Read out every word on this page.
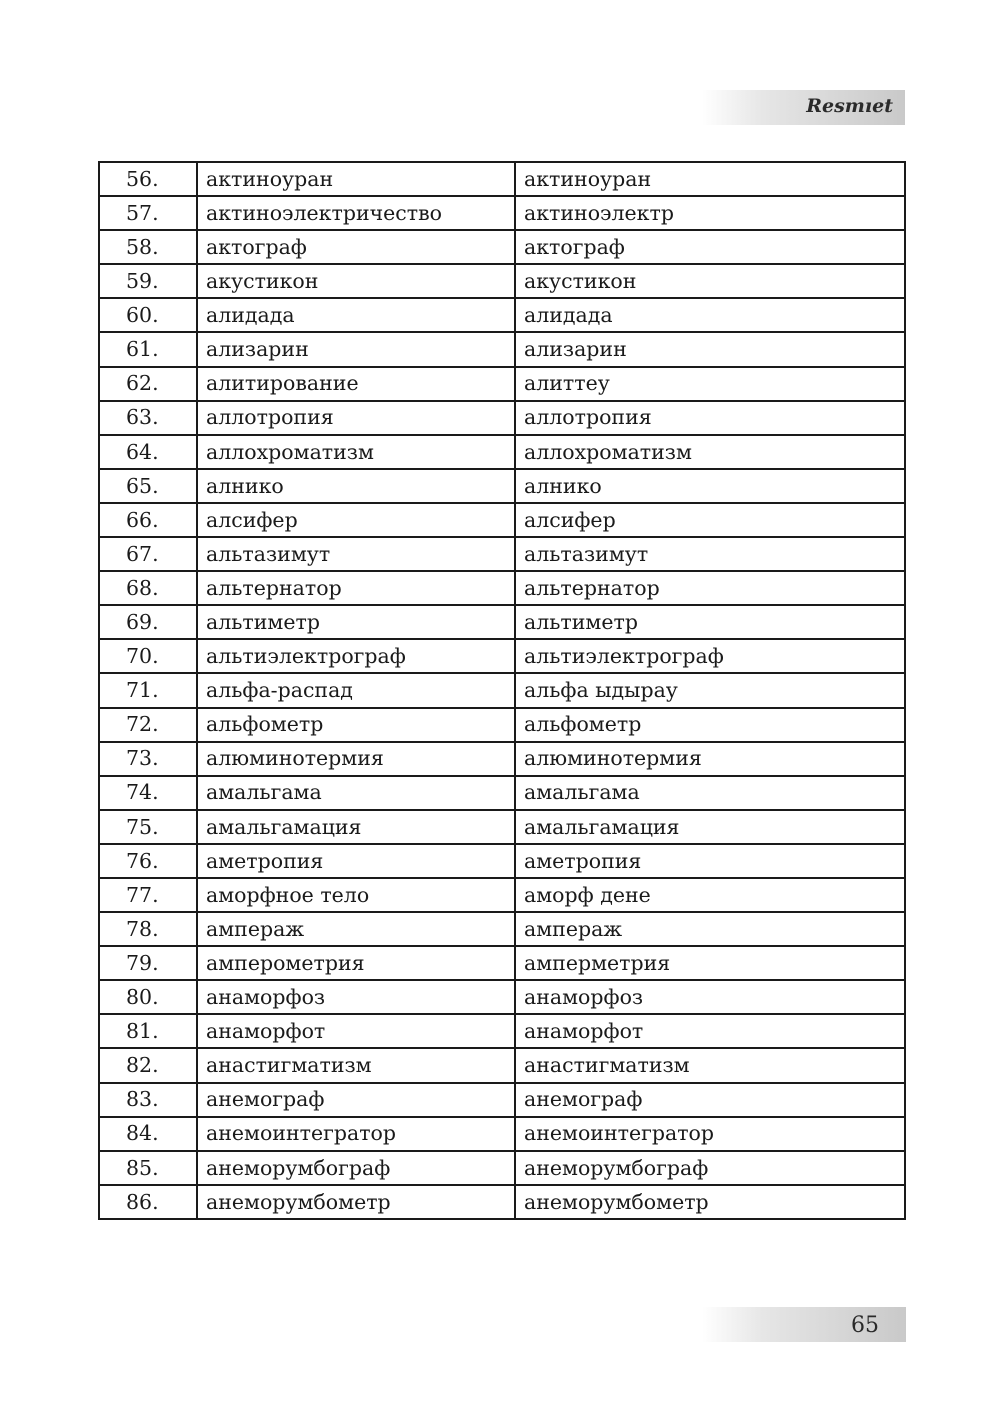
Resmıet
56.	актиноуран	актиноуран
57.	актиноэлектричество	актиноэлектр
58.	актограф	актограф
59.	акустикон	акустикон
60.	алидада	алидада
61.	ализарин	ализарин
62.	алитирование	алиттеу
63.	аллотропия	аллотропия
64.	аллохроматизм	аллохроматизм
65.	алнико	алнико
66.	алсифер	алсифер
67.	альтазимут	альтазимут
68.	альтернатор	альтернатор
69.	альтиметр	альтиметр
70.	альтиэлектрограф	альтиэлектрограф
71.	альфа-распад	альфа ыдырау
72.	альфометр	альфометр
73.	алюминотермия	алюминотермия
74.	амальгама	амальгама
75.	амальгамация	амальгамация
76.	аметропия	аметропия
77.	аморфное тело	аморф дене
78.	ампераж	ампераж
79.	амперометрия	амперметрия
80.	анаморфоз	анаморфоз
81.	анаморфот	анаморфот
82.	анастигматизм	анастигматизм
83.	анемограф	анемограф
84.	анемоинтегратор	анемоинтегратор
85.	анеморумбограф	анеморумбограф
86.	анеморумбометр	анеморумбометр
65
